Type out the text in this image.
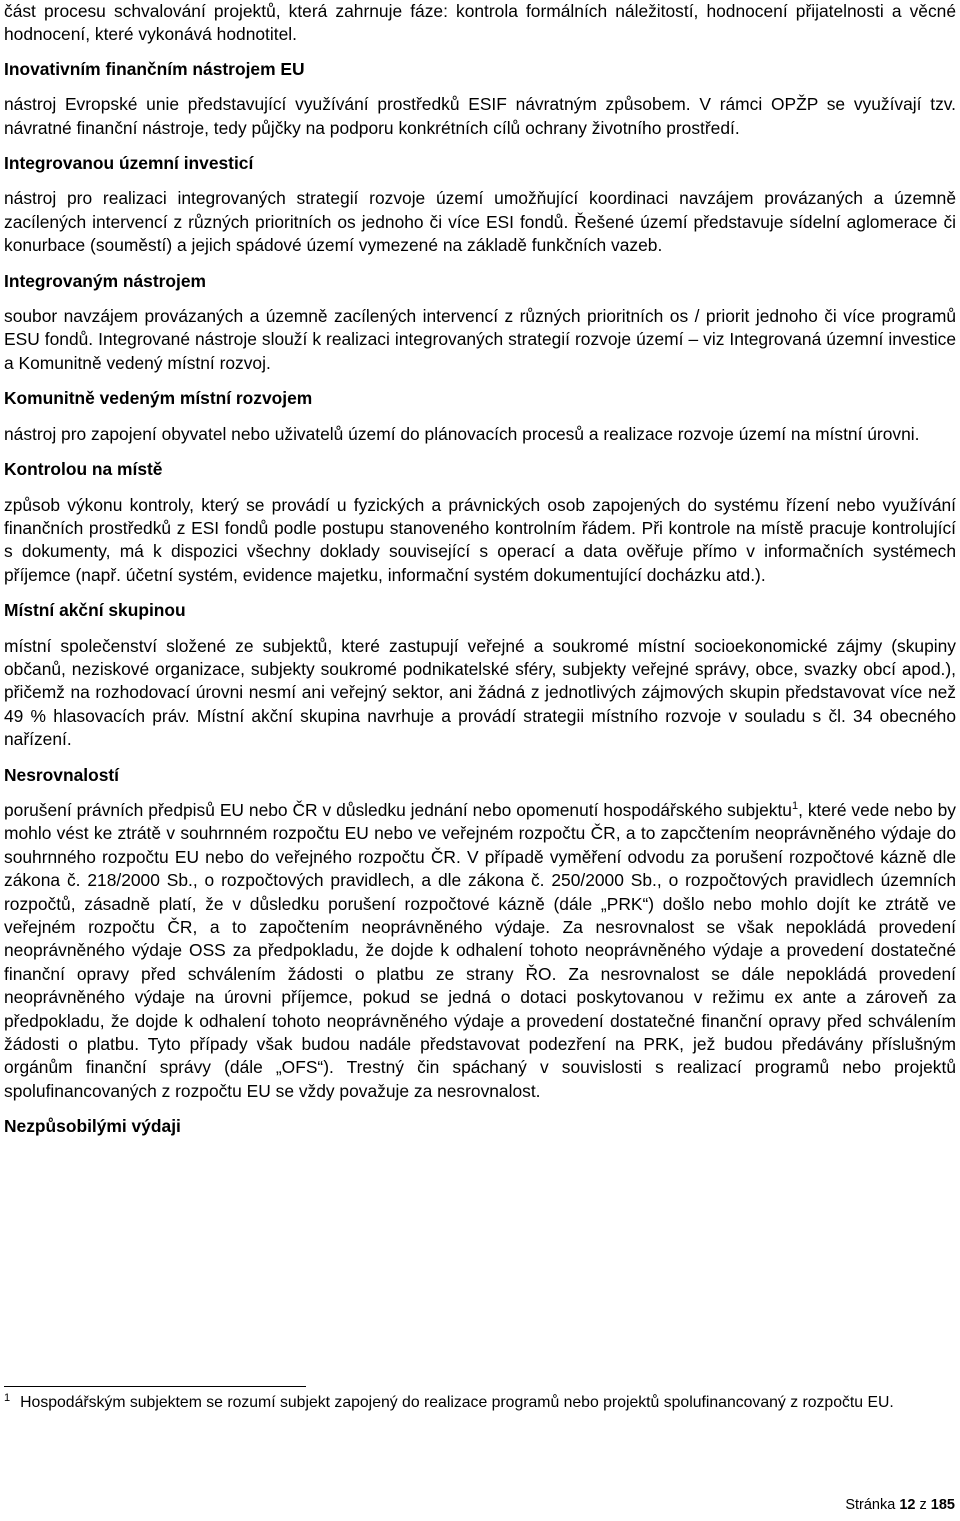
část procesu schvalování projektů, která zahrnuje fáze: kontrola formálních náležitostí, hodnocení přijatelnosti a věcné hodnocení, které vykonává hodnotitel.

Inovativním finančním nástrojem EU

nástroj Evropské unie představující využívání prostředků ESIF návratným způsobem. V rámci OPŽP se využívají tzv. návratné finanční nástroje, tedy půjčky na podporu konkrétních cílů ochrany životního prostředí.

Integrovanou územní investicí

nástroj pro realizaci integrovaných strategií rozvoje území umožňující koordinaci navzájem provázaných a územně zacílených intervencí z různých prioritních os jednoho či více ESI fondů. Řešené území představuje sídelní aglomerace či konurbace (souměstí) a jejich spádové území vymezené na základě funkčních vazeb.

Integrovaným nástrojem

soubor navzájem provázaných a územně zacílených intervencí z různých prioritních os / priorit jednoho či více programů ESU fondů. Integrované nástroje slouží k realizaci integrovaných strategií rozvoje území – viz Integrovaná územní investice a Komunitně vedený místní rozvoj.

Komunitně vedeným místní rozvojem

nástroj pro zapojení obyvatel nebo uživatelů území do plánovacích procesů a realizace rozvoje území na místní úrovni.

Kontrolou na místě

způsob výkonu kontroly, který se provádí u fyzických a právnických osob zapojených do systému řízení nebo využívání finančních prostředků z ESI fondů podle postupu stanoveného kontrolním řádem. Při kontrole na místě pracuje kontrolující s dokumenty, má k dispozici všechny doklady související s operací a data ověřuje přímo v informačních systémech příjemce (např. účetní systém, evidence majetku, informační systém dokumentující docházku atd.).

Místní akční skupinou

místní společenství složené ze subjektů, které zastupují veřejné a soukromé místní socioekonomické zájmy (skupiny občanů, neziskové organizace, subjekty soukromé podnikatelské sféry, subjekty veřejné správy, obce, svazky obcí apod.), přičemž na rozhodovací úrovni nesmí ani veřejný sektor, ani žádná z jednotlivých zájmových skupin představovat více než 49 % hlasovacích práv. Místní akční skupina navrhuje a provádí strategii místního rozvoje v souladu s čl. 34 obecného nařízení.

Nesrovnalostí

porušení právních předpisů EU nebo ČR v důsledku jednání nebo opomenutí hospodářského subjektu$^1$, které vede nebo by mohlo vést ke ztrátě v souhrnném rozpočtu EU nebo ve veřejném rozpočtu ČR, a to zapcčtením neoprávněného výdaje do souhrnného rozpočtu EU nebo do veřejného rozpočtu ČR. V případě vyměření odvodu za porušení rozpočtové kázně dle zákona č. 218/2000 Sb., o rozpočtových pravidlech, a dle zákona č. 250/2000 Sb., o rozpočtových pravidlech územních rozpočtů, zásadně platí, že v důsledku porušení rozpočtové kázně (dále „PRK“) došlo nebo mohlo dojít ke ztrátě ve veřejném rozpočtu ČR, a to započtením neoprávněného výdaje. Za nesrovnalost se však nepokládá provedení neoprávněného výdaje OSS za předpokladu, že dojde k odhalení tohoto neoprávněného výdaje a provedení dostatečné finanční opravy před schválením žádosti o platbu ze strany ŘO. Za nesrovnalost se dále nepokládá provedení neoprávněného výdaje na úrovni příjemce, pokud se jedná o dotaci poskytovanou v režimu ex ante a zároveň za předpokladu, že dojde k odhalení tohoto neoprávněného výdaje a provedení dostatečné finanční opravy před schválením žádosti o platbu. Tyto případy však budou nadále představovat podezření na PRK, jež budou předávány příslušným orgánům finanční správy (dále „OFS“). Trestný čin spáchaný v souvislosti s realizací programů nebo projektů spolufinancovaných z rozpočtu EU se vždy považuje za nesrovnalost.

Nezpůsobilými výdaji

$^1$ Hospodářským subjektem se rozumí subjekt zapojený do realizace programů nebo projektů spolufinancovaný z rozpočtu EU.

Stránka 12 z 185
